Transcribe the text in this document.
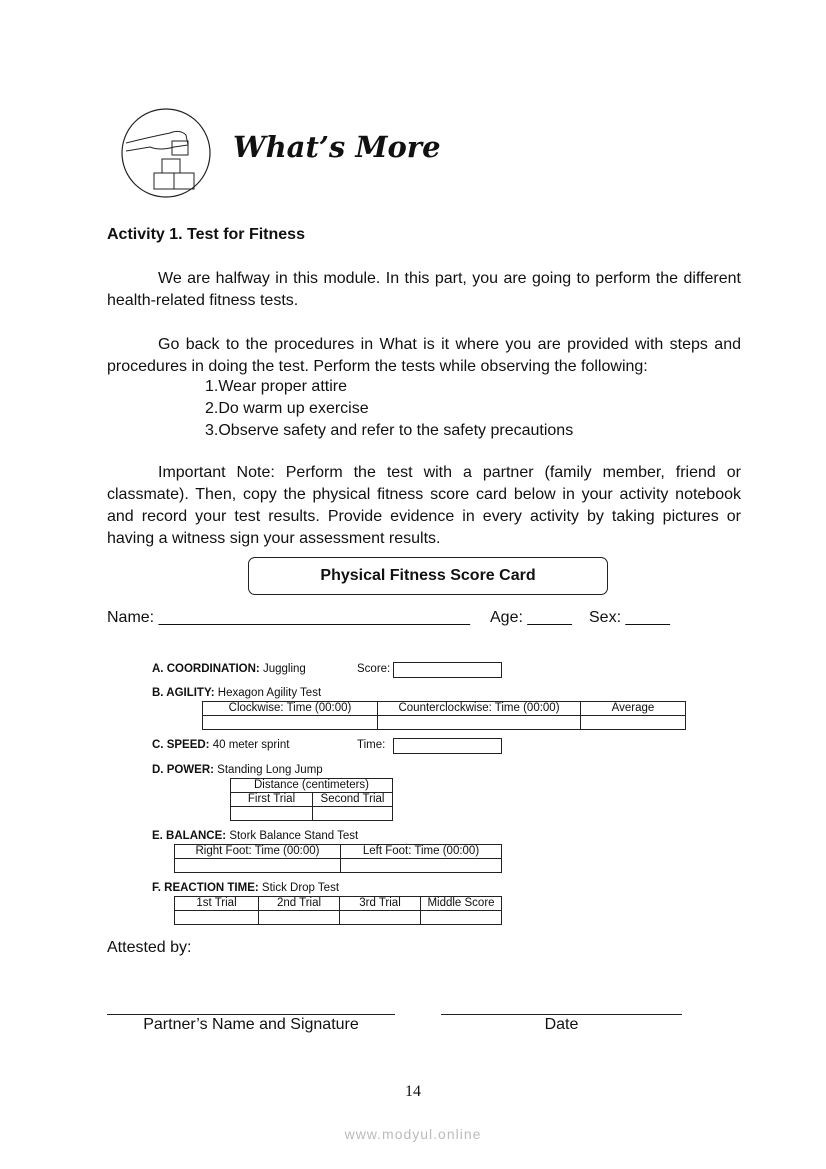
What’s More
Activity 1. Test for Fitness
We are halfway in this module. In this part, you are going to perform the different health-related fitness tests.
Go back to the procedures in What is it where you are provided with steps and procedures in doing the test. Perform the tests while observing the following:
1.Wear proper attire
2.Do warm up exercise
3.Observe safety and refer to the safety precautions
Important Note: Perform the test with a partner (family member, friend or classmate). Then, copy the physical fitness score card below in your activity notebook and record your test results. Provide evidence in every activity by taking pictures or having a witness sign your assessment results.
Physical Fitness Score Card
Name: ___________________________________ Age: _____ Sex: _____
A. COORDINATION: Juggling	Score:
B. AGILITY: Hexagon Agility Test
Clockwise: Time (00:00)	Counterclockwise: Time (00:00)	Average

C. SPEED: 40 meter sprint	Time:
D. POWER: Standing Long Jump
Distance (centimeters)	
First Trial	Second Trial

E. BALANCE: Stork Balance Stand Test
Right Foot: Time (00:00)	Left Foot: Time (00:00)

F. REACTION TIME: Stick Drop Test
1st Trial	2nd Trial	3rd Trial	Middle Score

Attested by:
Partner’s Name and Signature	Date
14
www.modyul.online
